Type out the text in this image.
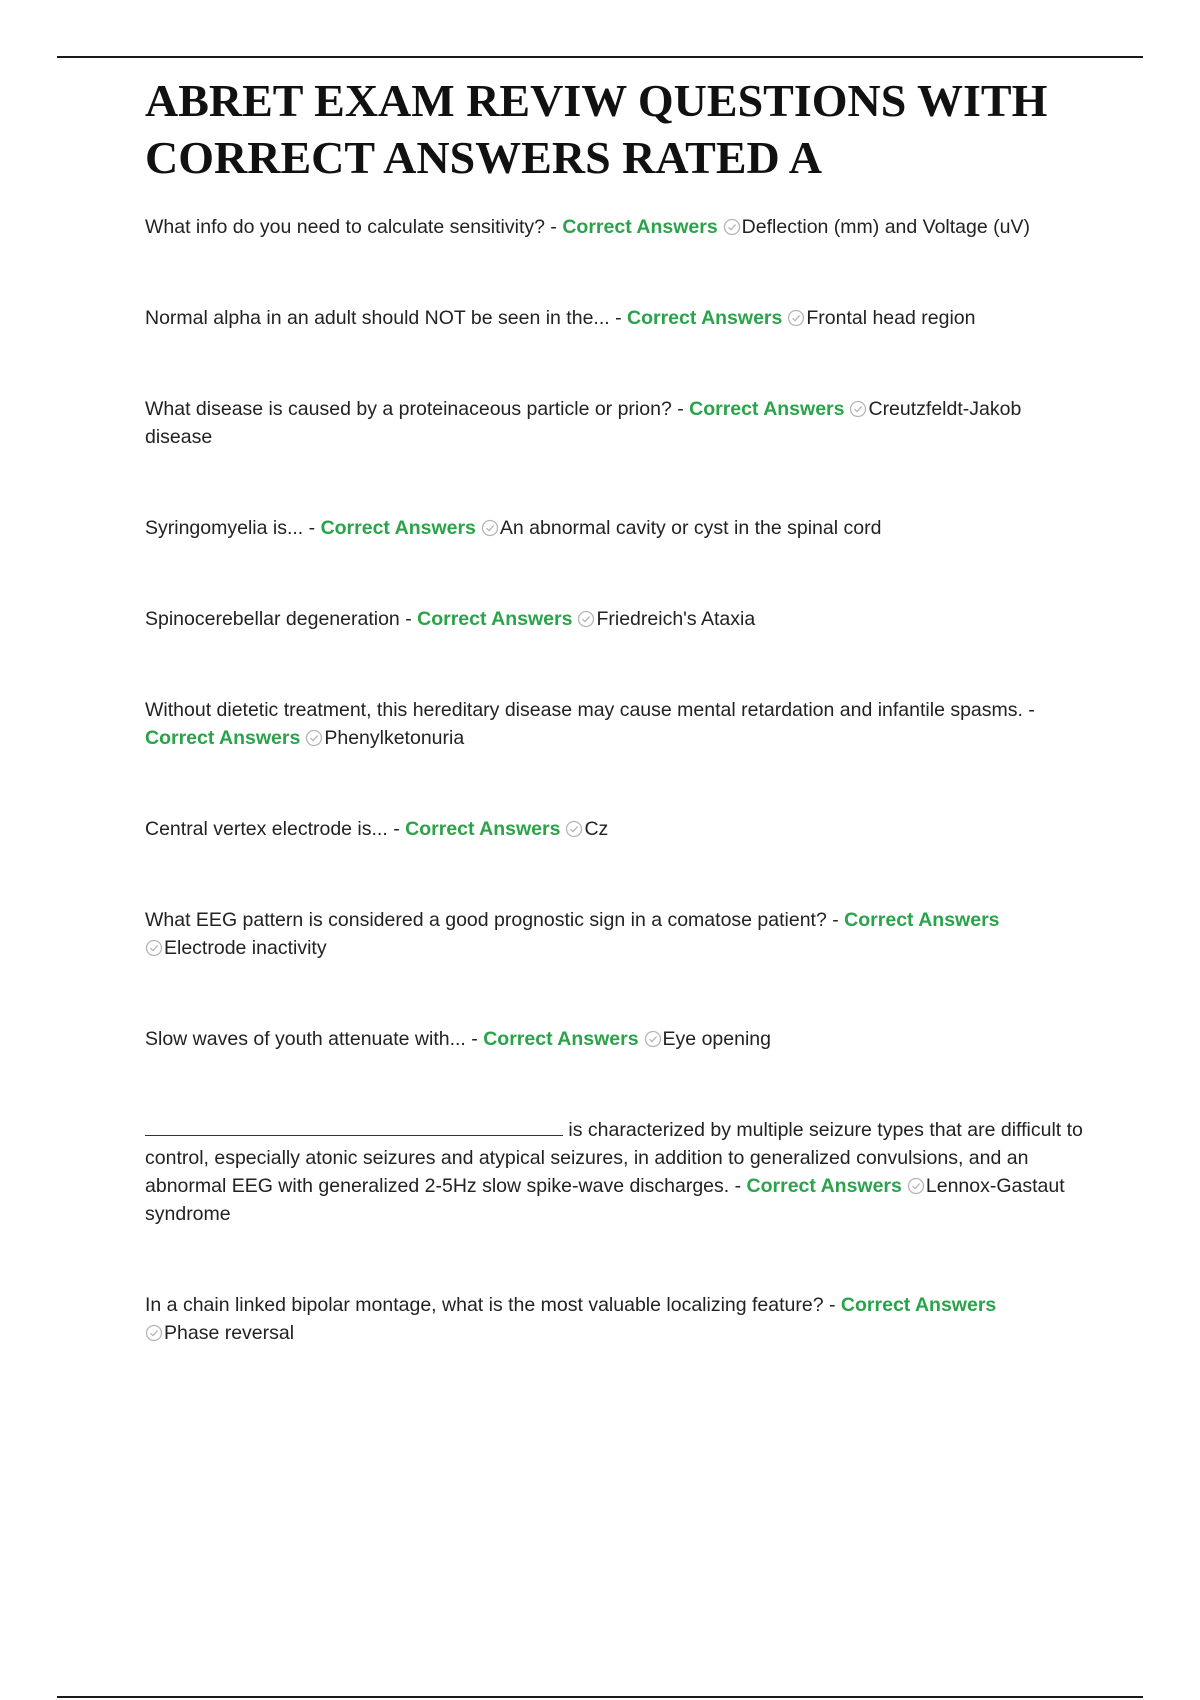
ABRET EXAM REVIW QUESTIONS WITH CORRECT ANSWERS RATED A
What info do you need to calculate sensitivity? - Correct Answers Deflection (mm) and Voltage (uV)
Normal alpha in an adult should NOT be seen in the... - Correct Answers Frontal head region
What disease is caused by a proteinaceous particle or prion? - Correct Answers Creutzfeldt-Jakob disease
Syringomyelia is... - Correct Answers An abnormal cavity or cyst in the spinal cord
Spinocerebellar degeneration - Correct Answers Friedreich's Ataxia
Without dietetic treatment, this hereditary disease may cause mental retardation and infantile spasms. - Correct Answers Phenylketonuria
Central vertex electrode is... - Correct Answers Cz
What EEG pattern is considered a good prognostic sign in a comatose patient? - Correct Answers

Electrode inactivity
Slow waves of youth attenuate with... - Correct Answers Eye opening
is characterized by multiple seizure types that are difficult to control, especially atonic seizures and atypical seizures, in addition to generalized convulsions, and an abnormal EEG with generalized 2-5Hz slow spike-wave discharges. - Correct Answers Lennox-Gastaut syndrome
In a chain linked bipolar montage, what is the most valuable localizing feature? - Correct Answers

Phase reversal
